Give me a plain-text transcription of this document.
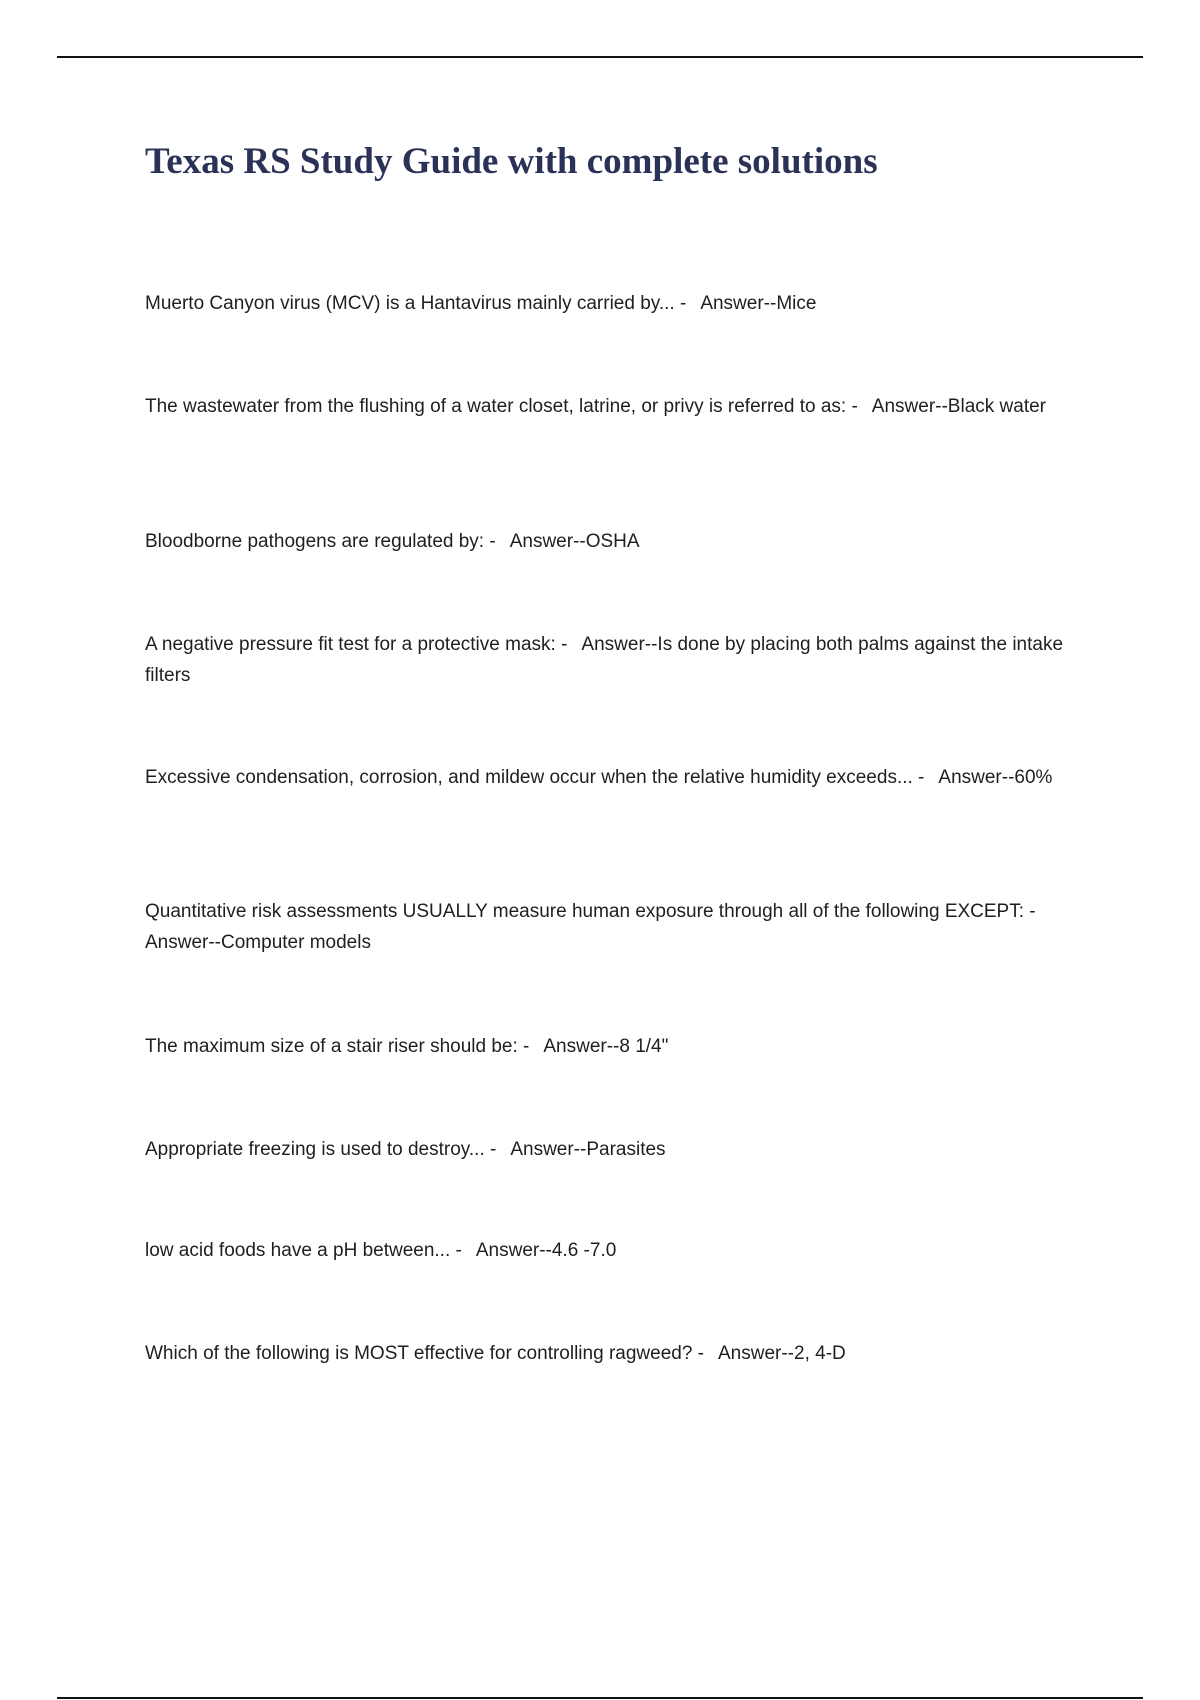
Texas RS Study Guide with complete solutions

Muerto Canyon virus (MCV) is a Hantavirus mainly carried by... - Answer--Mice

The wastewater from the flushing of a water closet, latrine, or privy is referred to as: - Answer--Black water

Bloodborne pathogens are regulated by: - Answer--OSHA

A negative pressure fit test for a protective mask: - Answer--Is done by placing both palms against the intake filters

Excessive condensation, corrosion, and mildew occur when the relative humidity exceeds... - Answer--60%

Quantitative risk assessments USUALLY measure human exposure through all of the following EXCEPT: -Answer--Computer models

The maximum size of a stair riser should be: - Answer--8 1/4"

Appropriate freezing is used to destroy... - Answer--Parasites

low acid foods have a pH between... - Answer--4.6 -7.0

Which of the following is MOST effective for controlling ragweed? - Answer--2, 4-D
